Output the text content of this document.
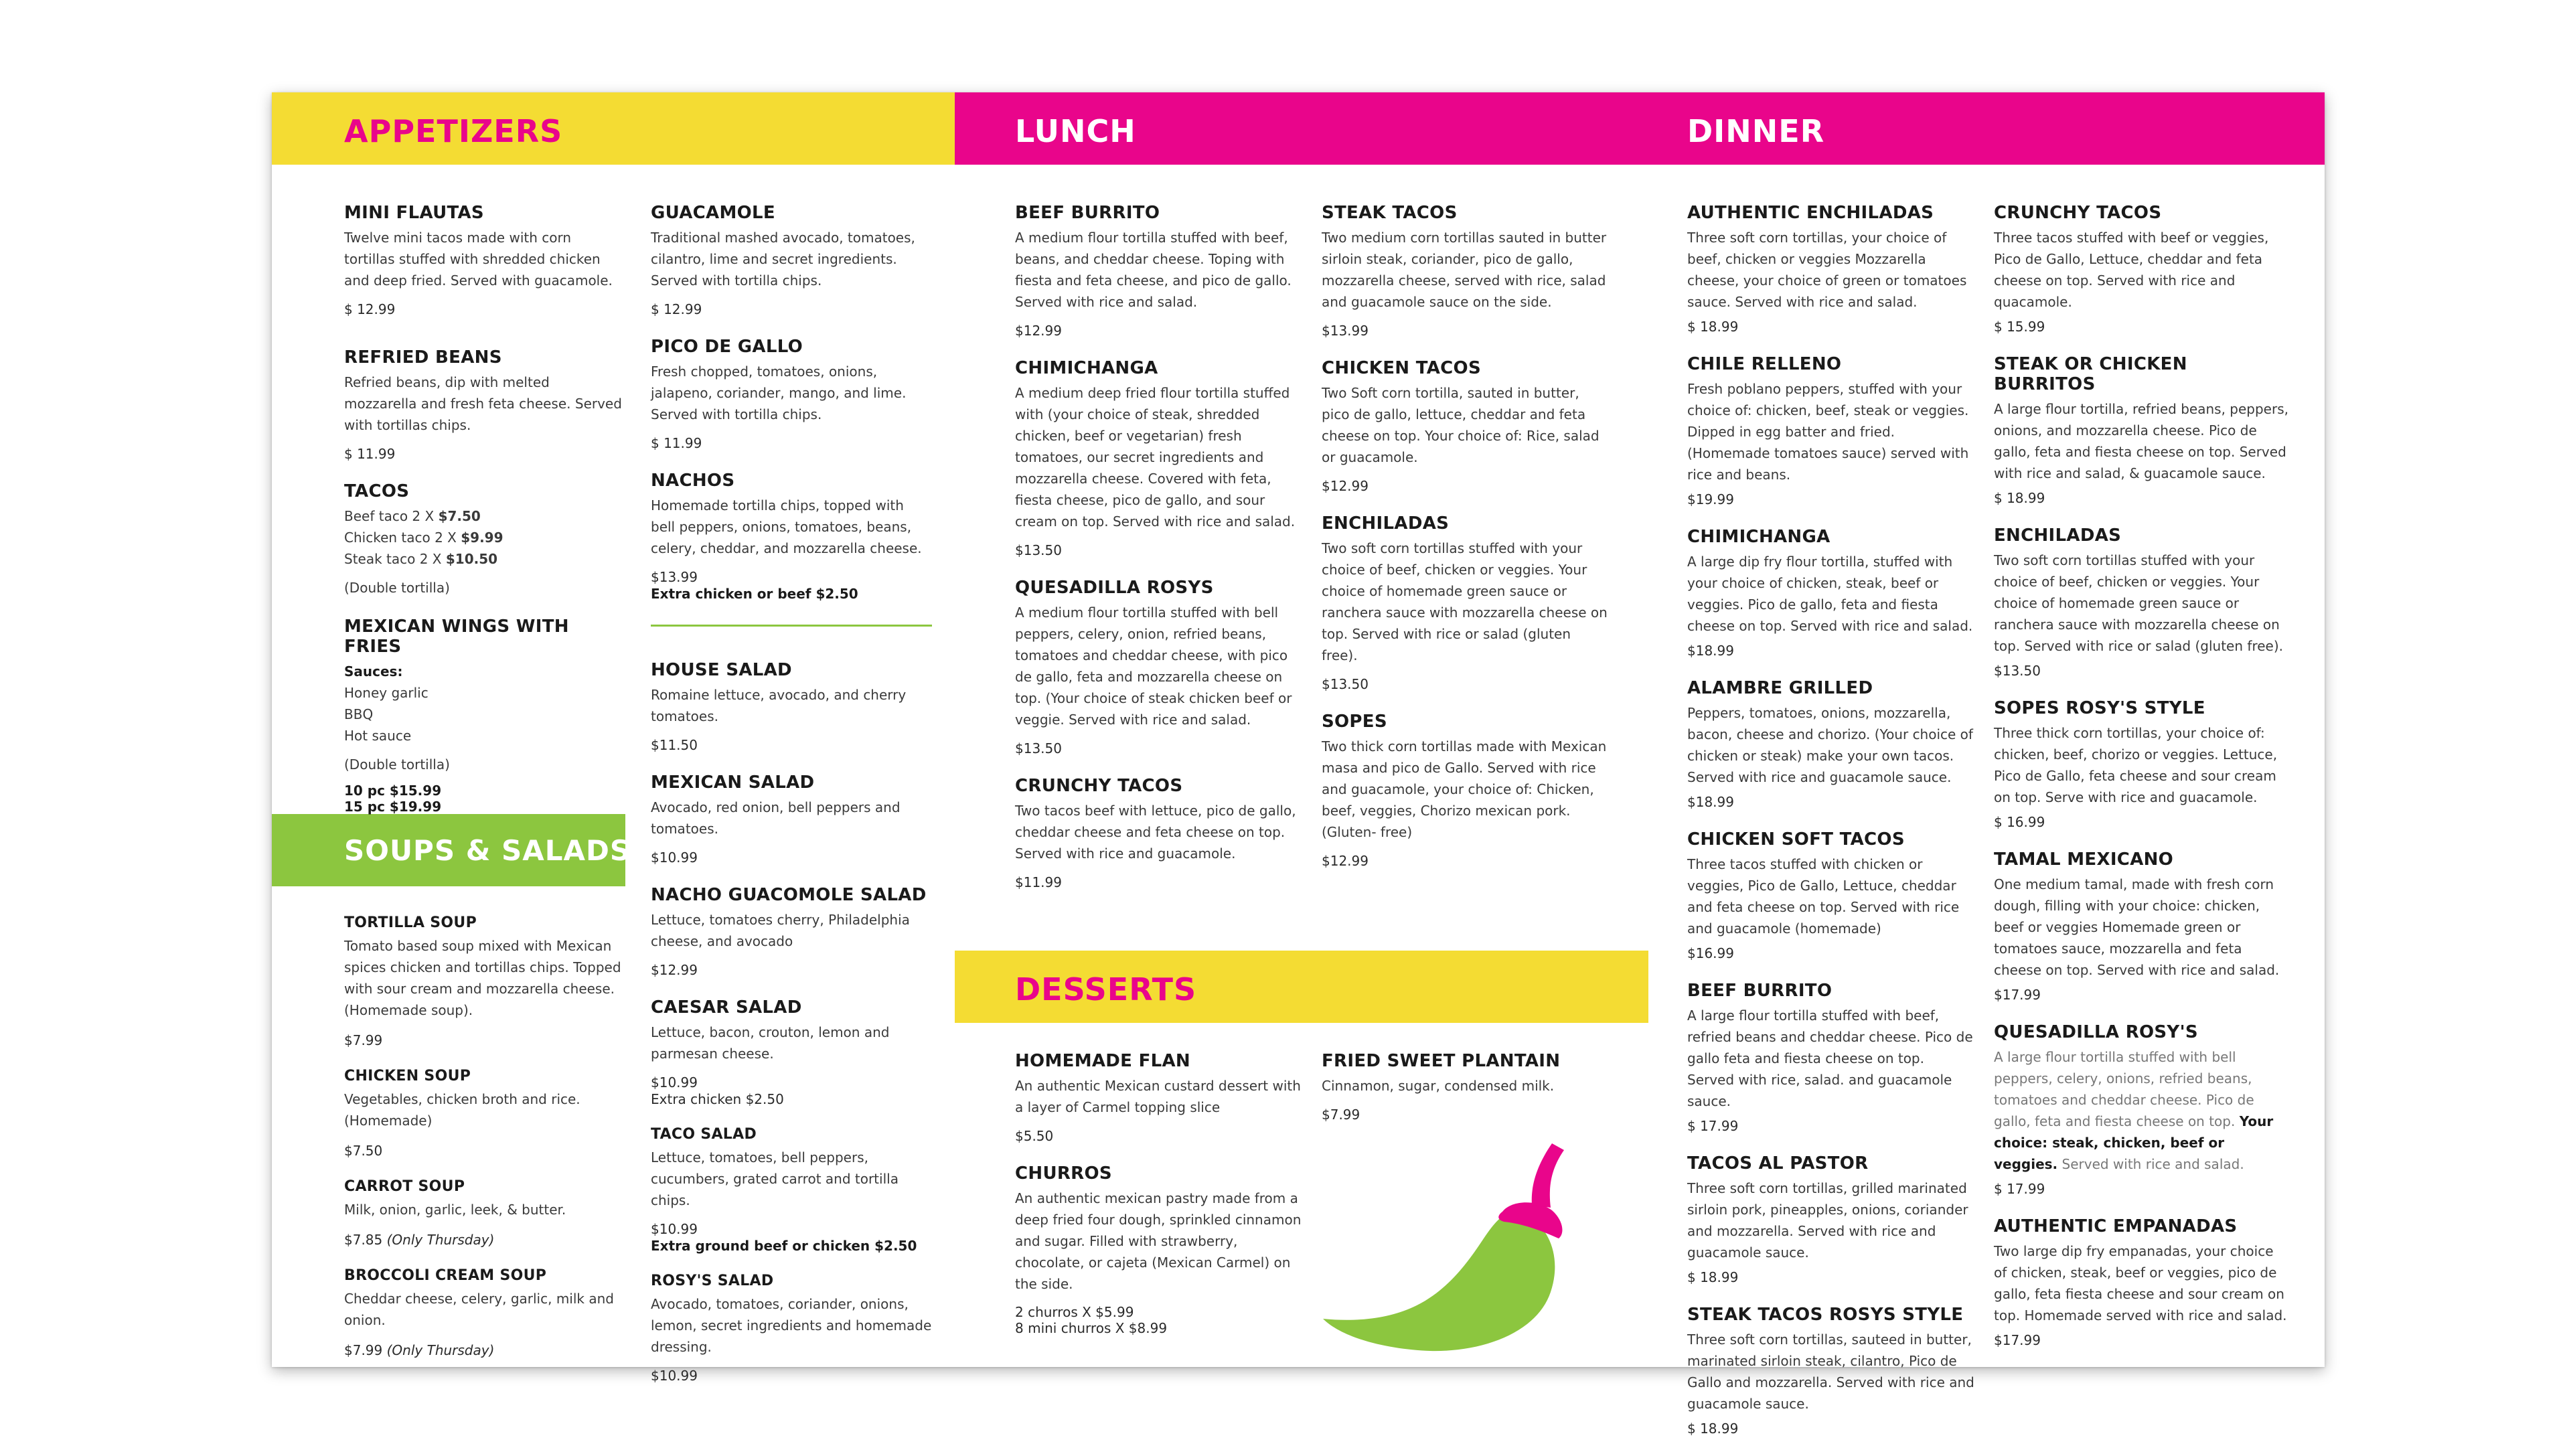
APPETIZERS	LUNCH	DINNER
SOUPS & SALADS
DESSERTS
MINI FLAUTAS

Twelve mini tacos made with corn tortillas stuffed with shredded chicken and deep fried. Served with guacamole.

$ 12.99

REFRIED BEANS

Refried beans, dip with melted mozzarella and fresh feta cheese. Served with tortillas chips.

$ 11.99

TACOS

Beef taco 2 X $7.50

Chicken taco 2 X $9.99

Steak taco 2 X $10.50

(Double tortilla)

MEXICAN WINGS WITH FRIES

Sauces:

Honey garlic

BBQ

Hot sauce

(Double tortilla)

10 pc $15.99

15 pc $19.99

GUACAMOLE

Traditional mashed avocado, tomatoes, cilantro, lime and secret ingredients. Served with tortilla chips.

$ 12.99

PICO DE GALLO

Fresh chopped, tomatoes, onions, jalapeno, coriander, mango, and lime. Served with tortilla chips.

$ 11.99

NACHOS

Homemade tortilla chips, topped with bell peppers, onions, tomatoes, beans, celery, cheddar, and mozzarella cheese.

$13.99

Extra chicken or beef $2.50

HOUSE SALAD

Romaine lettuce, avocado, and cherry tomatoes.

$11.50

MEXICAN SALAD

Avocado, red onion, bell peppers and tomatoes.

$10.99

NACHO GUACOMOLE SALAD

Lettuce, tomatoes cherry, Philadelphia cheese, and avocado

$12.99

CAESAR SALAD

Lettuce, bacon, crouton, lemon and parmesan cheese.

$10.99

Extra chicken $2.50

TACO SALAD

Lettuce, tomatoes, bell peppers, cucumbers, grated carrot and tortilla chips.

$10.99

Extra ground beef or chicken $2.50

ROSY'S SALAD

Avocado, tomatoes, coriander, onions, lemon, secret ingredients and homemade dressing.

$10.99

TORTILLA SOUP

Tomato based soup mixed with Mexican spices chicken and tortillas chips. Topped with sour cream and mozzarella cheese. (Homemade soup).

$7.99

CHICKEN SOUP

Vegetables, chicken broth and rice. (Homemade)

$7.50

CARROT SOUP

Milk, onion, garlic, leek, & butter.

$7.85 (Only Thursday)

BROCCOLI CREAM SOUP

Cheddar cheese, celery, garlic, milk and onion.

$7.99 (Only Thursday)

BEEF BURRITO

A medium flour tortilla stuffed with beef, beans, and cheddar cheese. Toping with fiesta and feta cheese, and pico de gallo. Served with rice and salad.

$12.99

CHIMICHANGA

A medium deep fried flour tortilla stuffed with (your choice of steak, shredded chicken, beef or vegetarian) fresh tomatoes, our secret ingredients and mozzarella cheese. Covered with feta, fiesta cheese, pico de gallo, and sour cream on top. Served with rice and salad.

$13.50

QUESADILLA ROSYS

A medium flour tortilla stuffed with bell peppers, celery, onion, refried beans, tomatoes and cheddar cheese, with pico de gallo, feta and mozzarella cheese on top. (Your choice of steak chicken beef or veggie. Served with rice and salad.

$13.50

CRUNCHY TACOS

Two tacos beef with lettuce, pico de gallo, cheddar cheese and feta cheese on top. Served with rice and guacamole.

$11.99

STEAK TACOS

Two medium corn tortillas sauted in butter sirloin steak, coriander, pico de gallo, mozzarella cheese, served with rice, salad and guacamole sauce on the side.

$13.99

CHICKEN TACOS

Two Soft corn tortilla, sauted in butter, pico de gallo, lettuce, cheddar and feta cheese on top. Your choice of: Rice, salad or guacamole.

$12.99

ENCHILADAS

Two soft corn tortillas stuffed with your choice of beef, chicken or veggies. Your choice of homemade green sauce or ranchera sauce with mozzarella cheese on top. Served with rice or salad (gluten free).

$13.50

SOPES

Two thick corn tortillas made with Mexican masa and pico de Gallo. Served with rice and guacamole, your choice of: Chicken, beef, veggies, Chorizo mexican pork. (Gluten- free)

$12.99

HOMEMADE FLAN

An authentic Mexican custard dessert with a layer of Carmel topping slice

$5.50

CHURROS

An authentic mexican pastry made from a deep fried four dough, sprinkled cinnamon and sugar. Filled with strawberry, chocolate, or cajeta (Mexican Carmel) on the side.

2 churros X $5.99

8 mini churros X $8.99

FRIED SWEET PLANTAIN

Cinnamon, sugar, condensed milk.

$7.99

AUTHENTIC ENCHILADAS

Three soft corn tortillas, your choice of beef, chicken or veggies Mozzarella cheese, your choice of green or tomatoes sauce. Served with rice and salad.

$ 18.99

CHILE RELLENO

Fresh poblano peppers, stuffed with your choice of: chicken, beef, steak or veggies. Dipped in egg batter and fried. (Homemade tomatoes sauce) served with rice and beans.

$19.99

CHIMICHANGA

A large dip fry flour tortilla, stuffed with your choice of chicken, steak, beef or veggies. Pico de gallo, feta and fiesta cheese on top. Served with rice and salad.

$18.99

ALAMBRE GRILLED

Peppers, tomatoes, onions, mozzarella, bacon, cheese and chorizo. (Your choice of chicken or steak) make your own tacos. Served with rice and guacamole sauce.

$18.99

CHICKEN SOFT TACOS

Three tacos stuffed with chicken or veggies, Pico de Gallo, Lettuce, cheddar and feta cheese on top. Served with rice and guacamole (homemade)

$16.99

BEEF BURRITO

A large flour tortilla stuffed with beef, refried beans and cheddar cheese. Pico de gallo feta and fiesta cheese on top. Served with rice, salad. and guacamole sauce.

$ 17.99

TACOS AL PASTOR

Three soft corn tortillas, grilled marinated sirloin pork, pineapples, onions, coriander and mozzarella. Served with rice and guacamole sauce.

$ 18.99

STEAK TACOS ROSYS STYLE

Three soft corn tortillas, sauteed in butter, marinated sirloin steak, cilantro, Pico de Gallo and mozzarella. Served with rice and guacamole sauce.

$ 18.99

CRUNCHY TACOS

Three tacos stuffed with beef or veggies, Pico de Gallo, Lettuce, cheddar and feta cheese on top. Served with rice and quacamole.

$ 15.99

STEAK OR CHICKEN BURRITOS

A large flour tortilla, refried beans, peppers, onions, and mozzarella cheese. Pico de gallo, feta and fiesta cheese on top. Served with rice and salad, & guacamole sauce.

$ 18.99

ENCHILADAS

Two soft corn tortillas stuffed with your choice of beef, chicken or veggies. Your choice of homemade green sauce or ranchera sauce with mozzarella cheese on top. Served with rice or salad (gluten free).

$13.50

SOPES ROSY'S STYLE

Three thick corn tortillas, your choice of: chicken, beef, chorizo or veggies. Lettuce, Pico de Gallo, feta cheese and sour cream on top. Serve with rice and guacamole.

$ 16.99

TAMAL MEXICANO

One medium tamal, made with fresh corn dough, filling with your choice: chicken, beef or veggies Homemade green or tomatoes sauce, mozzarella and feta cheese on top. Served with rice and salad.

$17.99

QUESADILLA ROSY'S

A large flour tortilla stuffed with bell peppers, celery, onions, refried beans, tomatoes and cheddar cheese. Pico de gallo, feta and fiesta cheese on top. Your choice: steak, chicken, beef or veggies. Served with rice and salad.

$ 17.99

AUTHENTIC EMPANADAS

Two large dip fry empanadas, your choice of chicken, steak, beef or veggies, pico de gallo, feta fiesta cheese and sour cream on top. Homemade served with rice and salad.

$17.99
